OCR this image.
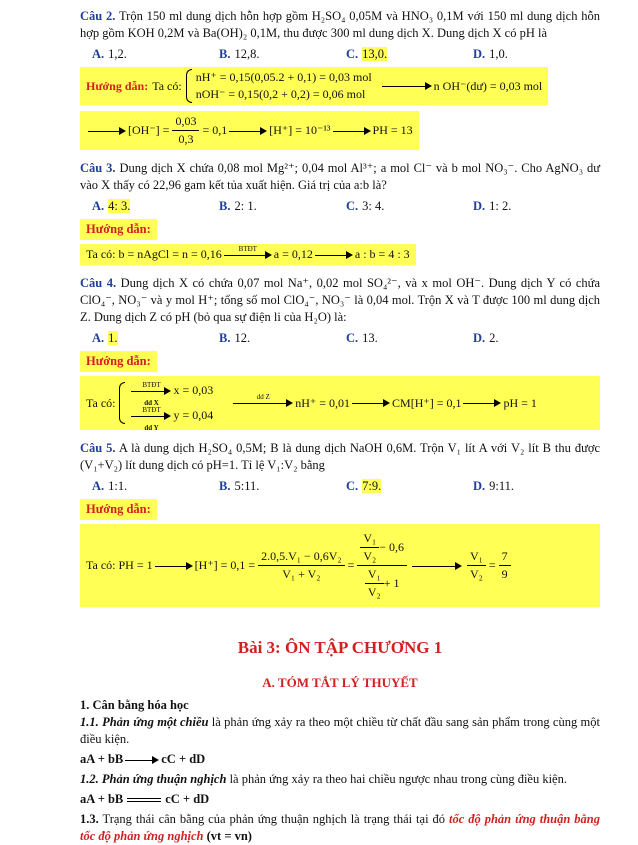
Câu 2. Trộn 150 ml dung dịch hỗn hợp gồm H₂SO₄ 0,05M và HNO₃ 0,1M với 150 ml dung dịch hỗn hợp gồm KOH 0,2M và Ba(OH)₂ 0,1M, thu được 300 ml dung dịch X. Dung dịch X có pH là

A. 1,2.	B. 12,8.	C. 13,0.	D. 1,0.
Hướng dẫn: Ta có:
nH⁺ = 0,15(0,05.2 + 0,1) = 0,03 mol
nOH⁻ = 0,15(0,2 + 0,2) = 0,06 mol
n OH⁻(dư) = 0,03 mol
$[OH^-] = \frac{0,03}{0,3} = 0,1$	[H⁺] = 10⁻¹³	PH = 13

Câu 3. Dung dịch X chứa 0,08 mol Mg²⁺; 0,04 mol Al³⁺; a mol Cl⁻ và b mol NO₃⁻. Cho AgNO₃ dư vào X thấy có 22,96 gam kết tủa xuất hiện. Giá trị của a:b là?

A. 4: 3.	B. 2: 1.	C. 3: 4.	D. 1: 2.
Hướng dẫn:
Ta có: b = nAgCl = n = 0,16	BTĐT	a = 0,12	a : b = 4 : 3

Câu 4. Dung dịch X có chứa 0,07 mol Na⁺, 0,02 mol SO₄²⁻, và x mol OH⁻. Dung dịch Y có chứa ClO₄⁻, NO₃⁻ và y mol H⁺; tổng số mol ClO₄⁻, NO₃⁻ là 0,04 mol. Trộn X và T được 100 ml dung dịch Z. Dung dịch Z có pH (bỏ qua sự điện li của H₂O) là:

A. 1.	B. 12.	C. 13.	D. 2.
Hướng dẫn:
Ta có:
BTĐT
dd X
x = 0,03
BTĐT
dd Y
y = 0,04
dd Z	nH⁺ = 0,01	CM[H⁺] = 0,1	pH = 1

Câu 5. A là dung dịch H₂SO₄ 0,5M; B là dung dịch NaOH 0,6M. Trộn V₁ lít A với V₂ lít B thu được (V₁+V₂) lít dung dịch có pH=1. Tỉ lệ V₁:V₂ bằng

A. 1:1.	B. 5:11.	C. 7:9.	D. 9:11.
Hướng dẫn:
Ta có: PH = 1	$[H^+] = 0,1 = \frac{\text{2.0,5.V₁ − 0,6V₂}}{\text{V₁ + V₂}} = \frac{\frac{\text{V₁}}{\text{V₂}} - 0,6}{\frac{\text{V₁}}{\text{V₂}} + 1}$	$\frac{\text{V₁}}{\text{V₂}} = \frac{7}{9}$

Bài 3: ÔN TẬP CHƯƠNG 1

A. TÓM TẮT LÝ THUYẾT

1. Cân bằng hóa học

1.1. Phản ứng một chiều là phản ứng xảy ra theo một chiều từ chất đầu sang sản phẩm trong cùng một điều kiện.

aA + bB	cC + dD

1.2. Phản ứng thuận nghịch là phản ứng xảy ra theo hai chiều ngược nhau trong cùng điều kiện.

aA + bB	cC + dD

1.3. Trạng thái cân bằng của phản ứng thuận nghịch là trạng thái tại đó tốc độ phản ứng thuận bằng tốc độ phản ứng nghịch (vt = vn)
